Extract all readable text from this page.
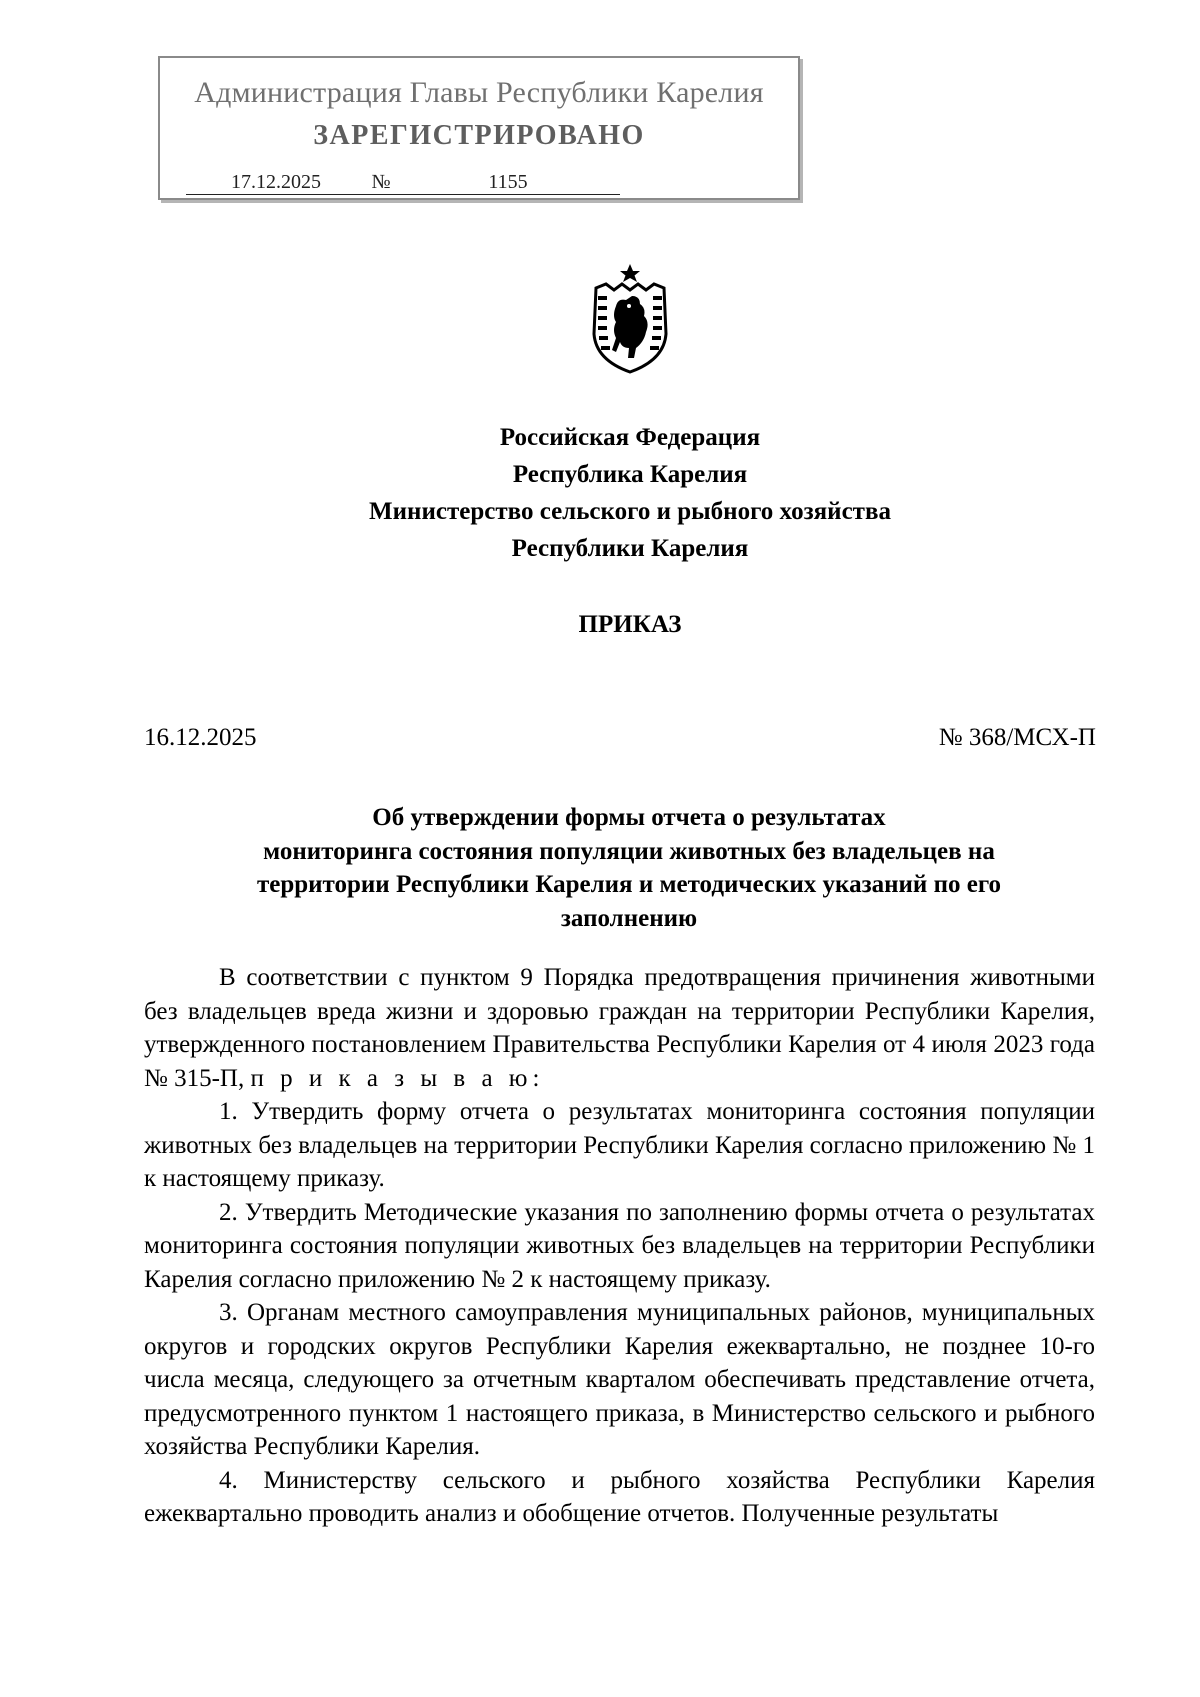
Администрация Главы Республики Карелия
ЗАРЕГИСТРИРОВАНО
17.12.2025	№	1155
Российская Федерация
Республика Карелия
Министерство сельского и рыбного хозяйства
Республики Карелия
ПРИКАЗ
16.12.2025	№ 368/МСХ-П
Об утверждении формы отчета о результатах
мониторинга состояния популяции животных без владельцев на
территории Республики Карелия и методических указаний по его
заполнению

В соответствии с пунктом 9 Порядка предотвращения причинения животными без владельцев вреда жизни и здоровью граждан на территории Республики Карелия, утвержденного постановлением Правительства Республики Карелия от 4 июля 2023 года № 315-П, п р и к а з ы в а ю:

1. Утвердить форму отчета о результатах мониторинга состояния популяции животных без владельцев на территории Республики Карелия согласно приложению № 1 к настоящему приказу.

2. Утвердить Методические указания по заполнению формы отчета о результатах мониторинга состояния популяции животных без владельцев на территории Республики Карелия согласно приложению № 2 к настоящему приказу.

3. Органам местного самоуправления муниципальных районов, муниципальных округов и городских округов Республики Карелия ежеквартально, не позднее 10-го числа месяца, следующего за отчетным кварталом обеспечивать представление отчета, предусмотренного пунктом 1 настоящего приказа, в Министерство сельского и рыбного хозяйства Республики Карелия.

4. Министерству сельского и рыбного хозяйства Республики Карелия ежеквартально проводить анализ и обобщение отчетов. Полученные результаты
